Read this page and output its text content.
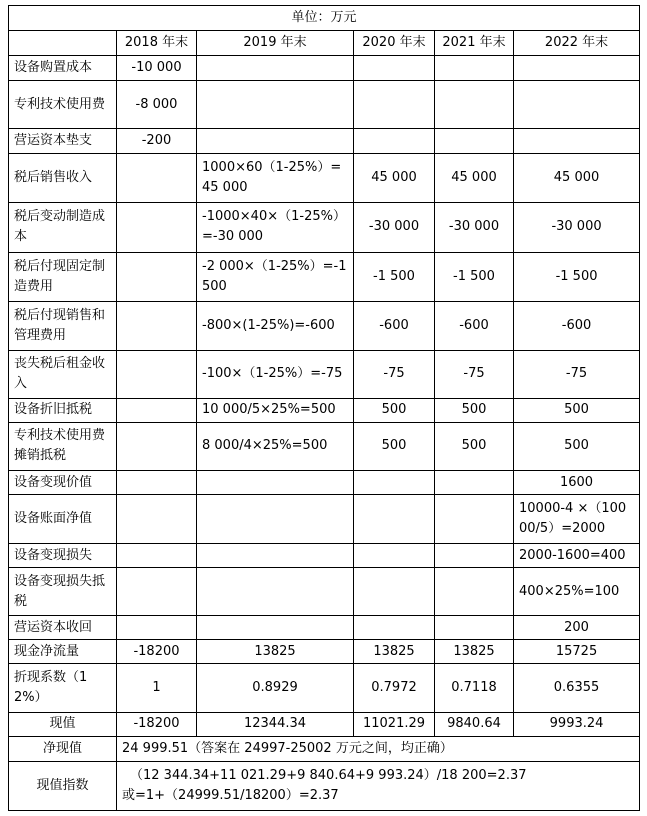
单位：万元					
	2018 年末	2019 年末	2020 年末	2021 年末	2022 年末
设备购置成本	-10 000				
专利技术使用费	-8 000				
营运资本垫支	-200				
税后销售收入		1000×60（1-25%）=45 000	45 000	45 000	45 000
税后变动制造成本		-1000×40×（1-25%）=-30 000	-30 000	-30 000	-30 000
税后付现固定制造费用		-2 000×（1-25%）=-1 500	-1 500	-1 500	-1 500
税后付现销售和管理费用		-800×(1-25%)=-600	-600	-600	-600
丧失税后租金收入		-100×（1-25%）=-75	-75	-75	-75
设备折旧抵税		10 000/5×25%=500	500	500	500
专利技术使用费摊销抵税		8 000/4×25%=500	500	500	500
设备变现价值					1600
设备账面净值					10000-4 ×（10000/5）=2000
设备变现损失					2000-1600=400
设备变现损失抵税					400×25%=100
营运资本收回					200
现金净流量	-18200	13825	13825	13825	15725
折现系数（12%）	1	0.8929	0.7972	0.7118	0.6355
现值	-18200	12344.34	11021.29	9840.64	9993.24
净现值	24 999.51（答案在 24997-25002 万元之间，均正确）				
现值指数	（12 344.34+11 021.29+9 840.64+9 993.24）/18 200=2.37
或=1+（24999.51/18200）=2.37				
